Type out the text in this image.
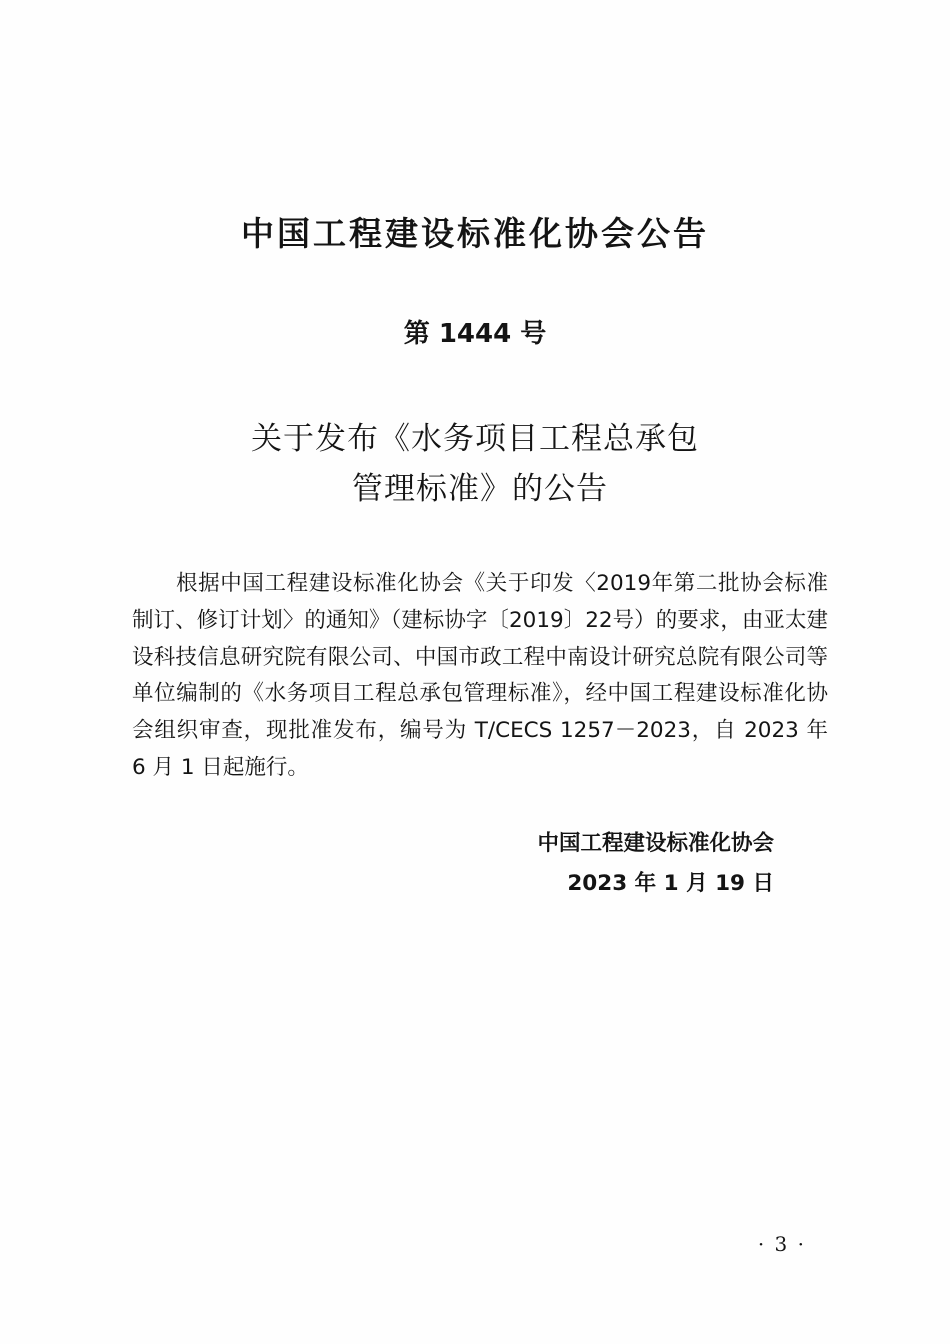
中国工程建设标准化协会公告
第 1444 号
关于发布《水务项目工程总承包
管理标准》的公告

根据中国工程建设标准化协会《关于印发〈2019年第二批协会标准制订、修订计划〉的通知》（建标协字〔2019〕22号）的要求，由亚太建设科技信息研究院有限公司、中国市政工程中南设计研究总院有限公司等单位编制的《水务项目工程总承包管理标准》，经中国工程建设标准化协会组织审查，现批准发布，编号为 T/CECS 1257－2023，自 2023 年 6 月 1 日起施行。

中国工程建设标准化协会
2023 年 1 月 19 日
· 3 ·
